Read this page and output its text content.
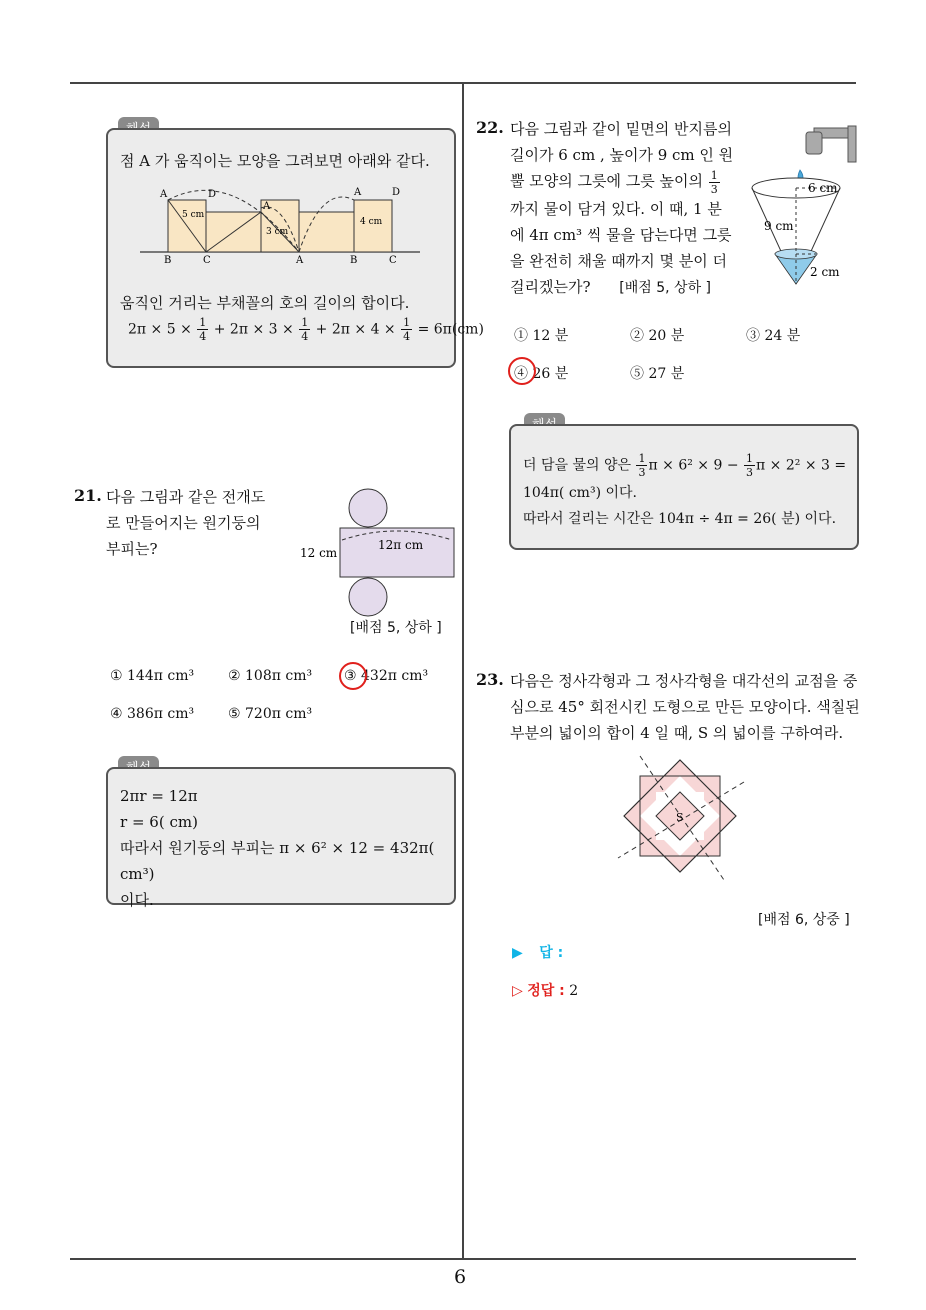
6
점 A 가 움직이는 모양을 그려보면 아래와 같다.
A	D
A
A	D
B	C	A	B	C
5 cm
3 cm
4 cm
움직인 거리는 부채꼴의 호의 길이의 합이다.
$2\pi \times 5 \times \frac{1}{4} + 2\pi \times 3 \times \frac{1}{4} + 2\pi \times 4 \times \frac{1}{4} = 6\pi(cm)$
21. 다음 그림과 같은 전개도
로 만들어지는 원기둥의
부피는?	12 cm
12π cm
[배점 5, 상하 ]
① 144π cm³ ② 108π cm³ ③ 432π cm³
④ 386π cm³ ⑤ 720π cm³
2πr = 12π
r = 6( cm)
따라서 원기둥의 부피는 π × 6² × 12 = 432π( cm³)
이다.
22. 다음 그림과 같이 밑면의 반지름의
길이가 6 cm , 높이가 9 cm 인 원
뿔 모양의 그릇에 그릇 높이의 $\frac{1}{3}$
까지 물이 담겨 있다. 이 때, 1 분
에 4π cm³ 씩 물을 담는다면 그릇
을 완전히 채울 때까지 몇 분이 더
걸리겠는가? [배점 5, 상하 ]
6 cm
9 cm
2 cm
① 12 분	② 20 분	③ 24 분
④ 26 분	⑤ 27 분
더 담을 물의 양은 $\frac{1}{3}$ $\pi \times 6^2 \times 9 - \frac{1}{3}$ π × 2² × 3 =
104π( cm³) 이다.
따라서 걸리는 시간은 104π ÷ 4π = 26( 분) 이다.
23. 다음은 정사각형과 그 정사각형을 대각선의 교점을 중
심으로 45° 회전시킨 도형으로 만든 모양이다. 색칠된
부분의 넓이의 합이 4 일 때, S 의 넓이를 구하여라.
S
[배점 6, 상중 ]
▶ 답 :
▷ 정답 : 2
